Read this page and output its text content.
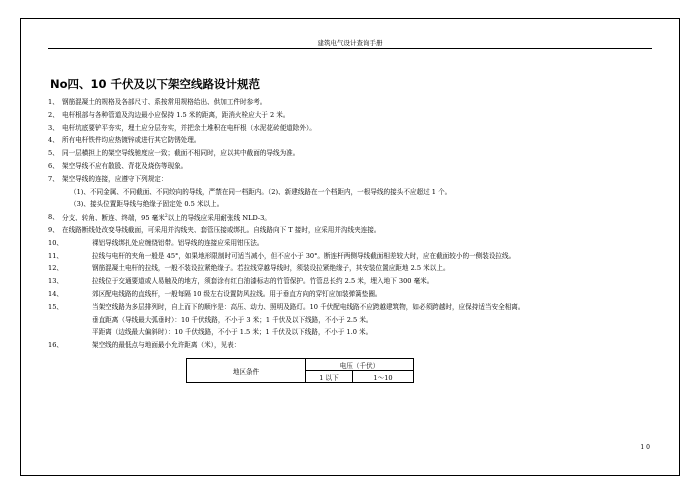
建筑电气设计查询手册
No四、10 千伏及以下架空线路设计规范
1、 钢筋混凝土的规格及各部尺寸、系按常用规格给出、供加工件时参考。
2、 电杆根部与各种管道及沟边最小应保持 1.5 米的距离，距消火栓应大于 2 米。
3、 电杆坑底要铲平夯实，埋土应分层夯实，并把余土堆积在电杆根（水泥花砖便道除外）。
4、 所有电杆铁件均应热镀锌或进行其它防锈处理。
5、 同一层横担上的架空导线驰度应一致；截面不相同时，应以其中截面的导线为准。
6、 架空导线不应有散股、背花及烧伤等现象。
7、 架空导线的连接，应遵守下列规定：
（1)、不同金属、不同截面、不同绞向的导线，严禁在同一档距内。（2)、新建线路在一个档距内，一根导线的接头不应超过 1 个。
（3)、接头位置距导线与绝缘子固定处 0.5 米以上。
8、 分支、转角、断连、终端，95 毫米$^2$以上的导线应采用耐张线 NLD-3。
9、 在线路断线处改变导线截面，可采用并沟线夹、套管压接或绑扎。自线路向下 T 接时，应采用并沟线夹连接。
10、	裸铝导线绑扎处应缠绕铝带。铝导线的连接应采用钳压法。
11、	拉线与电杆的夹角一般是 45°，如果地形限制时可适当减小，但不应小于 30°。断连杆两侧导线截面相差较大时，应在截面较小的一侧装设拉线。
12、	钢筋混凝土电杆的拉线，一般不装设拉紧绝缘子。若拉线穿越导线时，须装设拉紧绝缘子，其安装位置应距地 2.5 米以上。
13、	拉线位于交通要道或人易触及的地方，须套涂有红白油漆标志的竹管保护。竹管总长约 2.5 米，埋入地下 300 毫米。
14、	郊区配电线路的直线杆，一般每隔 10 级左右设置防风拉线。用于垂直方向的穿钉应加装弹簧垫圈。
15、	当架空线路为多层排列时，自上而下的顺序是：高压、动力、照明及路灯。10 千伏配电线路不应跨越建筑物，如必须跨越时，应保持适当安全相离。
垂直距离（导线最大弧垂时）：10 千伏线路，不小于 3 米；1 千伏及以下线路，不小于 2.5 米。
平距离（边线最大偏斜时）：10 千伏线路，不小于 1.5 米；1 千伏及以下线路，不小于 1.0 米。
16、	架空线的最低点与地面最小允许距离（米），见表：
地区条件	电压（千伏）	
	1 以下	1～10
10
